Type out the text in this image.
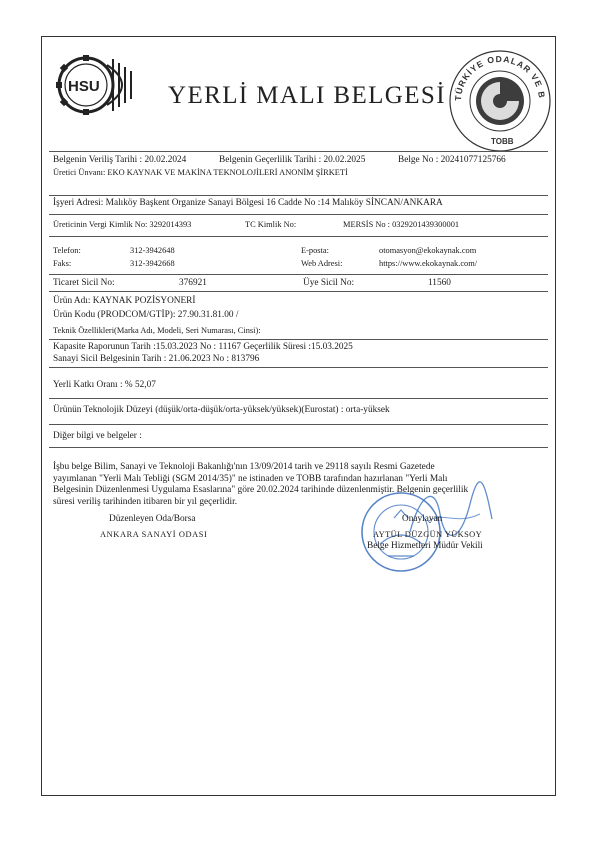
HSU	YERLİ MALI BELGESİ TÜRKİYE ODALAR VE B
TOBB
Belgenin Veriliş Tarihi : 20.02.2024	Belgenin Geçerlilik Tarihi : 20.02.2025	Belge No : 20241077125766
Üretici Ünvanı: EKO KAYNAK VE MAKİNA TEKNOLOJİLERİ ANONİM ŞİRKETİ
İşyeri Adresi: Malıköy Başkent Organize Sanayi Bölgesi 16 Cadde No :14 Malıköy SİNCAN/ANKARA
Üreticinin Vergi Kimlik No: 3292014393	TC Kimlik No:	MERSİS No : 0329201439300001
Telefon:	312-3942648	E-posta:	otomasyon@ekokaynak.com
Faks:	312-3942668	Web Adresi:	https://www.ekokaynak.com/
Ticaret Sicil No:	376921	Üye Sicil No:	11560
Ürün Adı: KAYNAK POZİSYONERİ
Ürün Kodu (PRODCOM/GTİP): 27.90.31.81.00 /
Teknik Özellikleri(Marka Adı, Modeli, Seri Numarası, Cinsi):
Kapasite Raporunun Tarih :15.03.2023 No : 11167 Geçerlilik Süresi :15.03.2025
Sanayi Sicil Belgesinin Tarih : 21.06.2023 No : 813796
Yerli Katkı Oranı : % 52,07
Ürünün Teknolojik Düzeyi (düşük/orta-düşük/orta-yüksek/yüksek)(Eurostat) : orta-yüksek
Diğer bilgi ve belgeler :
İşbu belge Bilim, Sanayi ve Teknoloji Bakanlığı'nın 13/09/2014 tarih ve 29118 sayılı Resmi Gazetede
yayımlanan "Yerli Malı Tebliği (SGM 2014/35)" ne istinaden ve TOBB tarafından hazırlanan "Yerli Malı
Belgesinin Düzenlenmesi Uygulama Esaslarına" göre 20.02.2024 tarihinde düzenlenmiştir. Belgenin geçerlilik
süresi veriliş tarihinden itibaren bir yıl geçerlidir.
Düzenleyen Oda/Borsa
ANKARA SANAYİ ODASI
Onaylayan
AYTÜL DÜZGÜN YÜKSOY
Belge Hizmetleri Müdür Vekili
